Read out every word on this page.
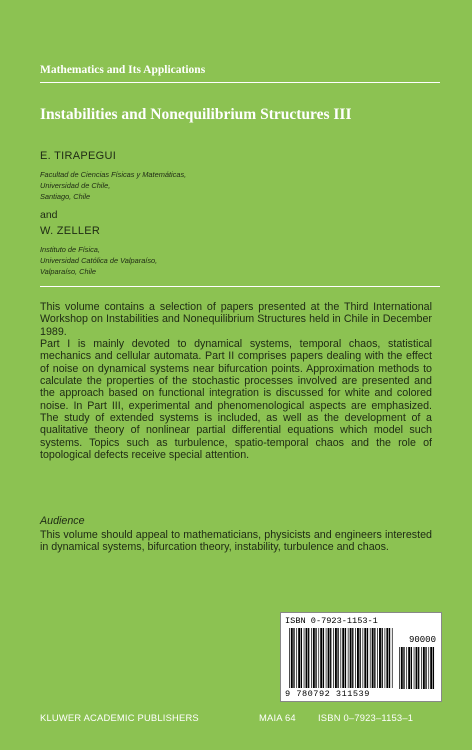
Mathematics and Its Applications
Instabilities and Nonequilibrium Structures III
E. TIRAPEGUI
Facultad de Ciencias Físicas y Matemáticas,
Universidad de Chile,
Santiago, Chile
and
W. ZELLER
Instituto de Física,
Universidad Católica de Valparaíso,
Valparaíso, Chile

This volume contains a selection of papers presented at the Third International Workshop on Instabilities and Nonequilibrium Structures held in Chile in December 1989.

Part I is mainly devoted to dynamical systems, temporal chaos, statistical mechanics and cellular automata. Part II comprises papers dealing with the effect of noise on dynamical systems near bifurcation points. Approximation methods to calculate the properties of the stochastic processes involved are presented and the approach based on functional integration is discussed for white and colored noise. In Part III, experimental and phenomenological aspects are emphasized. The study of extended systems is included, as well as the development of a qualitative theory of nonlinear partial differential equations which model such systems. Topics such as turbulence, spatio-temporal chaos and the role of topological defects receive special attention.

Audience

This volume should appeal to mathematicians, physicists and engineers interested in dynamical systems, bifurcation theory, instability, turbulence and chaos.

ISBN 0-7923-1153-1
90000
9 780792 311539
KLUWER ACADEMIC PUBLISHERS	MAIA 64 ISBN 0–7923–1153–1
